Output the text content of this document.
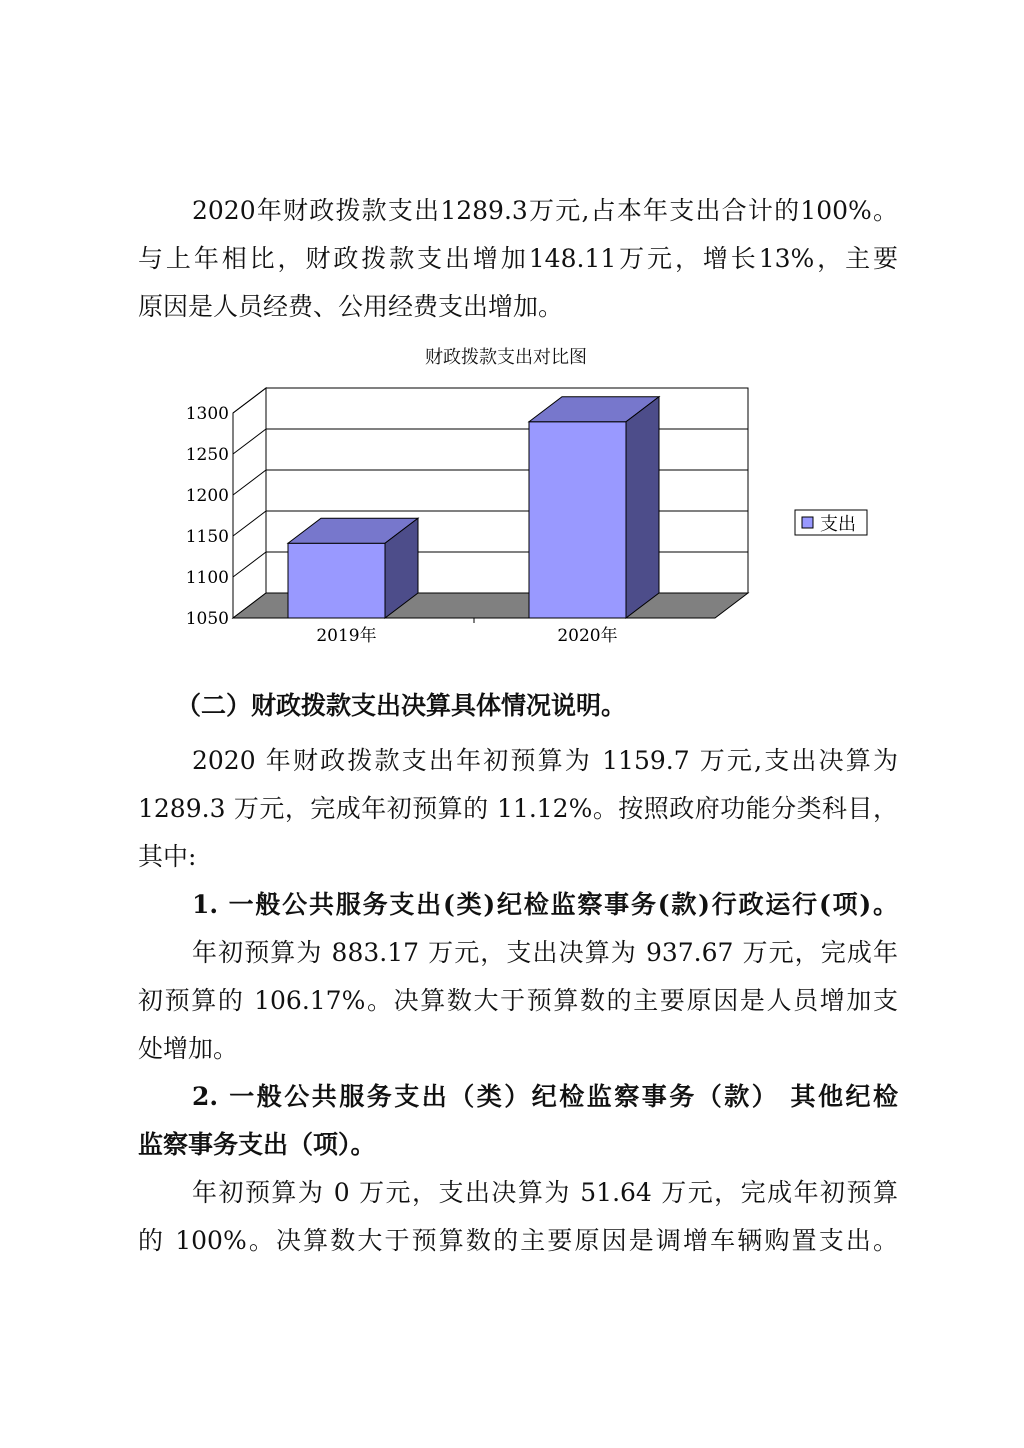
2020年财政拨款支出1289.3万元,占本年支出合计的100%。
与上年相比，财政拨款支出增加148.11万元，增长13%，主要
原因是人员经费、公用经费支出增加。
财政拨款支出对比图
1050
1100
1150
1200
1250
1300
2019年	2020年
支出
（二）财政拨款支出决算具体情况说明。
2020 年财政拨款支出年初预算为 1159.7 万元,支出决算为
1289.3 万元，完成年初预算的 11.12%。按照政府功能分类科目，
其中:
1. 一般公共服务支出(类)纪检监察事务(款)行政运行(项)。
年初预算为 883.17 万元，支出决算为 937.67 万元，完成年
初预算的 106.17%。决算数大于预算数的主要原因是人员增加支
处增加。
2. 一般公共服务支出（类）纪检监察事务（款） 其他纪检
监察事务支出（项）。
年初预算为 0 万元，支出决算为 51.64 万元，完成年初预算
的 100%。决算数大于预算数的主要原因是调增车辆购置支出。
